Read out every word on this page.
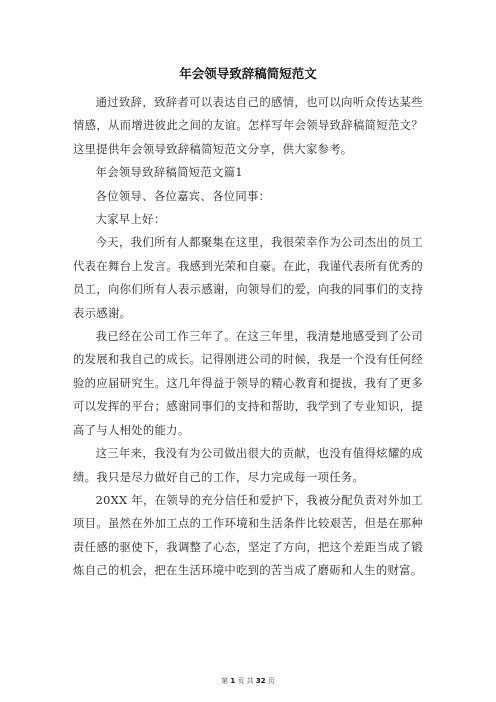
年会领导致辞稿简短范文

通过致辞，致辞者可以表达自己的感情，也可以向听众传达某些情感，从而增进彼此之间的友谊。怎样写年会领导致辞稿简短范文？这里提供年会领导致辞稿简短范文分享，供大家参考。

年会领导致辞稿简短范文篇1

各位领导、各位嘉宾、各位同事：

大家早上好：

今天，我们所有人都聚集在这里，我很荣幸作为公司杰出的员工代表在舞台上发言。我感到光荣和自豪。在此，我谨代表所有优秀的员工，向你们所有人表示感谢，向领导们的爱，向我的同事们的支持表示感谢。

我已经在公司工作三年了。在这三年里，我清楚地感受到了公司的发展和我自己的成长。记得刚进公司的时候，我是一个没有任何经验的应届研究生。这几年得益于领导的精心教育和提拔，我有了更多可以发挥的平台；感谢同事们的支持和帮助，我学到了专业知识，提高了与人相处的能力。

这三年来，我没有为公司做出很大的贡献，也没有值得炫耀的成绩。我只是尽力做好自己的工作，尽力完成每一项任务。

20XX 年，在领导的充分信任和爱护下，我被分配负责对外加工项目。虽然在外加工点的工作环境和生活条件比较艰苦，但是在那种责任感的驱使下，我调整了心态，坚定了方向，把这个差距当成了锻炼自己的机会，把在生活环境中吃到的苦当成了磨砺和人生的财富。

第 1 页 共 32 页
